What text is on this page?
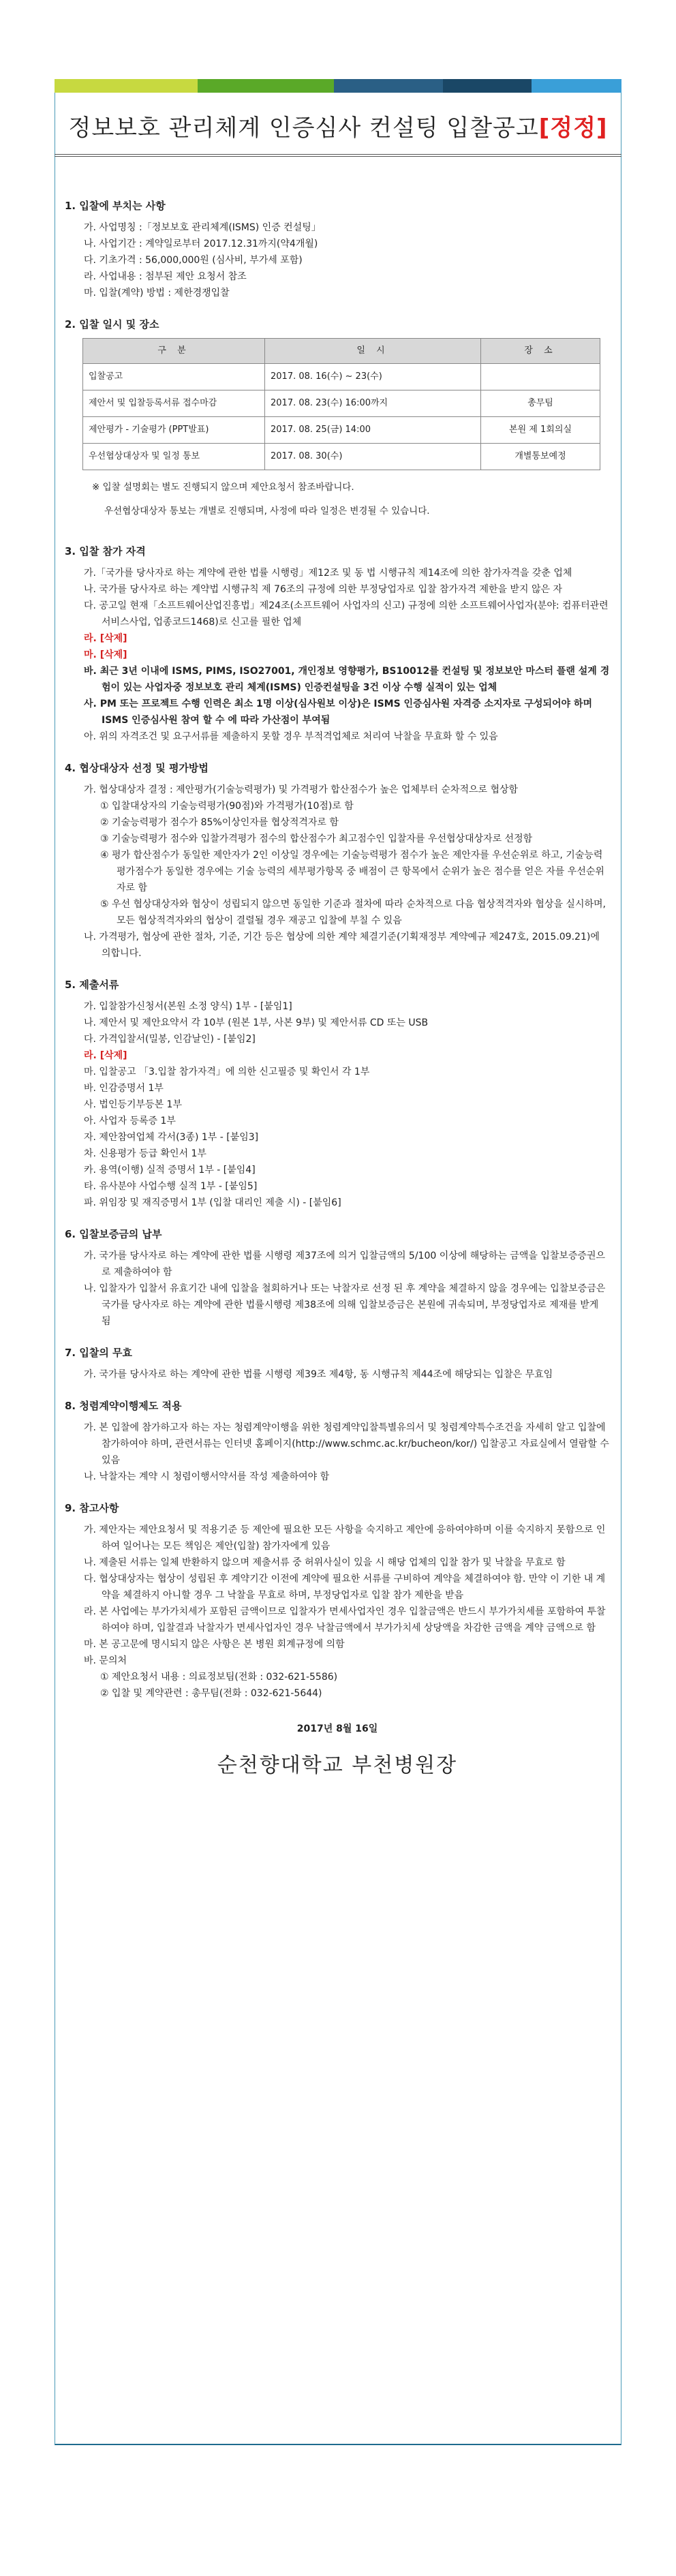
정보보호 관리체계 인증심사 컨설팅 입찰공고[정정]
1. 입찰에 부치는 사항

가. 사업명칭 :「정보보호 관리체계(ISMS) 인증 컨설팅」

나. 사업기간 : 계약일로부터 2017.12.31까지(약4개월)

다. 기초가격 : 56,000,000원 (심사비, 부가세 포함)

라. 사업내용 : 첨부된 제안 요청서 참조

마. 입찰(계약) 방법 : 제한경쟁입찰

2. 입찰 일시 및 장소
구 분	일 시	장 소
입찰공고	2017. 08. 16(수) ~ 23(수)	
제안서 및 입찰등록서류 접수마감	2017. 08. 23(수) 16:00까지	총무팀
제안평가 - 기술평가 (PPT발표)	2017. 08. 25(금) 14:00	본원 제 1회의실
우선협상대상자 및 일정 통보	2017. 08. 30(수)	개별통보예정

※ 입찰 설명회는 별도 진행되지 않으며 제안요청서 참조바랍니다.

우선협상대상자 통보는 개별로 진행되며, 사정에 따라 일정은 변경될 수 있습니다.

3. 입찰 참가 자격

가.「국가를 당사자로 하는 계약에 관한 법률 시행령」제12조 및 동 법 시행규칙 제14조에 의한 참가자격을 갖춘 업체

나. 국가를 당사자로 하는 계약법 시행규칙 제 76조의 규정에 의한 부정당업자로 입찰 참가자격 제한을 받지 않은 자

다. 공고일 현재「소프트웨어산업진흥법」제24조(소프트웨어 사업자의 신고) 규정에 의한 소프트웨어사업자(분야: 컴퓨터관련서비스사업, 업종코드1468)로 신고를 필한 업체

라. [삭제]

마. [삭제]

바. 최근 3년 이내에 ISMS, PIMS, ISO27001, 개인정보 영향평가, BS10012를 컨설팅 및 정보보안 마스터 플랜 설계 경험이 있는 사업자중 정보보호 관리 체계(ISMS) 인증컨설팅을 3건 이상 수행 실적이 있는 업체

사. PM 또는 프로젝트 수행 인력은 최소 1명 이상(심사원보 이상)은 ISMS 인증심사원 자격증 소지자로 구성되어야 하며 ISMS 인증심사원 참여 할 수 에 따라 가산점이 부여됨

아. 위의 자격조건 및 요구서류를 제출하지 못할 경우 부적격업체로 처리여 낙찰을 무효화 할 수 있음

4. 협상대상자 선정 및 평가방법

가. 협상대상자 결정 : 제안평가(기술능력평가) 및 가격평가 합산점수가 높은 업체부터 순차적으로 협상함

① 입찰대상자의 기술능력평가(90점)와 가격평가(10점)로 함

② 기술능력평가 점수가 85%이상인자를 협상적격자로 함

③ 기술능력평가 점수와 입찰가격평가 점수의 합산점수가 최고점수인 입찰자를 우선협상대상자로 선정함

④ 평가 합산점수가 동일한 제안자가 2인 이상일 경우에는 기술능력평가 점수가 높은 제안자를 우선순위로 하고, 기술능력 평가점수가 동일한 경우에는 기술 능력의 세부평가항목 중 배점이 큰 항목에서 순위가 높은 점수를 얻은 자를 우선순위자로 함

⑤ 우선 협상대상자와 협상이 성립되지 않으면 동일한 기준과 절차에 따라 순차적으로 다음 협상적격자와 협상을 실시하며, 모든 협상적격자와의 협상이 결렬될 경우 재공고 입찰에 부칠 수 있음

나. 가격평가, 협상에 관한 절차, 기준, 기간 등은 협상에 의한 계약 체결기준(기획재정부 계약예규 제247호, 2015.09.21)에 의합니다.

5. 제출서류

가. 입찰참가신청서(본원 소정 양식) 1부 - [붙임1]

나. 제안서 및 제안요약서 각 10부 (원본 1부, 사본 9부) 및 제안서류 CD 또는 USB

다. 가격입찰서(밀봉, 인감날인) - [붙임2]

라. [삭제]

마. 입찰공고 「3.입찰 참가자격」에 의한 신고필증 및 확인서 각 1부

바. 인감증명서 1부

사. 법인등기부등본 1부

아. 사업자 등록증 1부

자. 제안참여업체 각서(3종) 1부 - [붙임3]

차. 신용평가 등급 확인서 1부

카. 용역(이행) 실적 증명서 1부 - [붙임4]

타. 유사분야 사업수행 실적 1부 - [붙임5]

파. 위임장 및 재직증명서 1부 (입찰 대리인 제출 시) - [붙임6]

6. 입찰보증금의 납부

가. 국가를 당사자로 하는 계약에 관한 법률 시행령 제37조에 의거 입찰금액의 5/100 이상에 해당하는 금액을 입찰보증증권으로 제출하여야 함

나. 입찰자가 입찰서 유효기간 내에 입찰을 철회하거나 또는 낙찰자로 선정 된 후 계약을 체결하지 않을 경우에는 입찰보증금은 국가를 당사자로 하는 계약에 관한 법률시행령 제38조에 의해 입찰보증금은 본원에 귀속되며, 부정당업자로 제재를 받게 됨

7. 입찰의 무효

가. 국가를 당사자로 하는 계약에 관한 법률 시행령 제39조 제4항, 동 시행규칙 제44조에 해당되는 입찰은 무효임

8. 청렴계약이행제도 적용

가. 본 입찰에 참가하고자 하는 자는 청렴계약이행을 위한 청렴계약입찰특별유의서 및 청렴계약특수조건을 자세히 알고 입찰에 참가하여야 하며, 관련서류는 인터넷 홈페이지(http://www.schmc.ac.kr/bucheon/kor/) 입찰공고 자료실에서 열람할 수 있음

나. 낙찰자는 계약 시 청렴이행서약서를 작성 제출하여야 함

9. 참고사항

가. 제안자는 제안요청서 및 적용기준 등 제안에 필요한 모든 사항을 숙지하고 제안에 응하여야하며 이를 숙지하지 못함으로 인하여 일어나는 모든 책임은 제안(입찰) 참가자에게 있음

나. 제출된 서류는 일체 반환하지 않으며 제출서류 중 허위사실이 있을 시 해당 업체의 입찰 참가 및 낙찰을 무효로 함

다. 협상대상자는 협상이 성립된 후 계약기간 이전에 계약에 필요한 서류를 구비하여 계약을 체결하여야 함. 만약 이 기한 내 계약을 체결하지 아니할 경우 그 낙찰을 무효로 하며, 부정당업자로 입찰 참가 제한을 받음

라. 본 사업에는 부가가치세가 포함된 금액이므로 입찰자가 면세사업자인 경우 입찰금액은 반드시 부가가치세를 포함하여 투찰하여야 하며, 입찰결과 낙찰자가 면세사업자인 경우 낙찰금액에서 부가가치세 상당액을 차감한 금액을 계약 금액으로 함

마. 본 공고문에 명시되지 않은 사항은 본 병원 회계규정에 의함

바. 문의처

① 제안요청서 내용 : 의료정보팀(전화 : 032-621-5586)

② 입찰 및 계약관련 : 총무팀(전화 : 032-621-5644)

2017년 8월 16일
순천향대학교 부천병원장
